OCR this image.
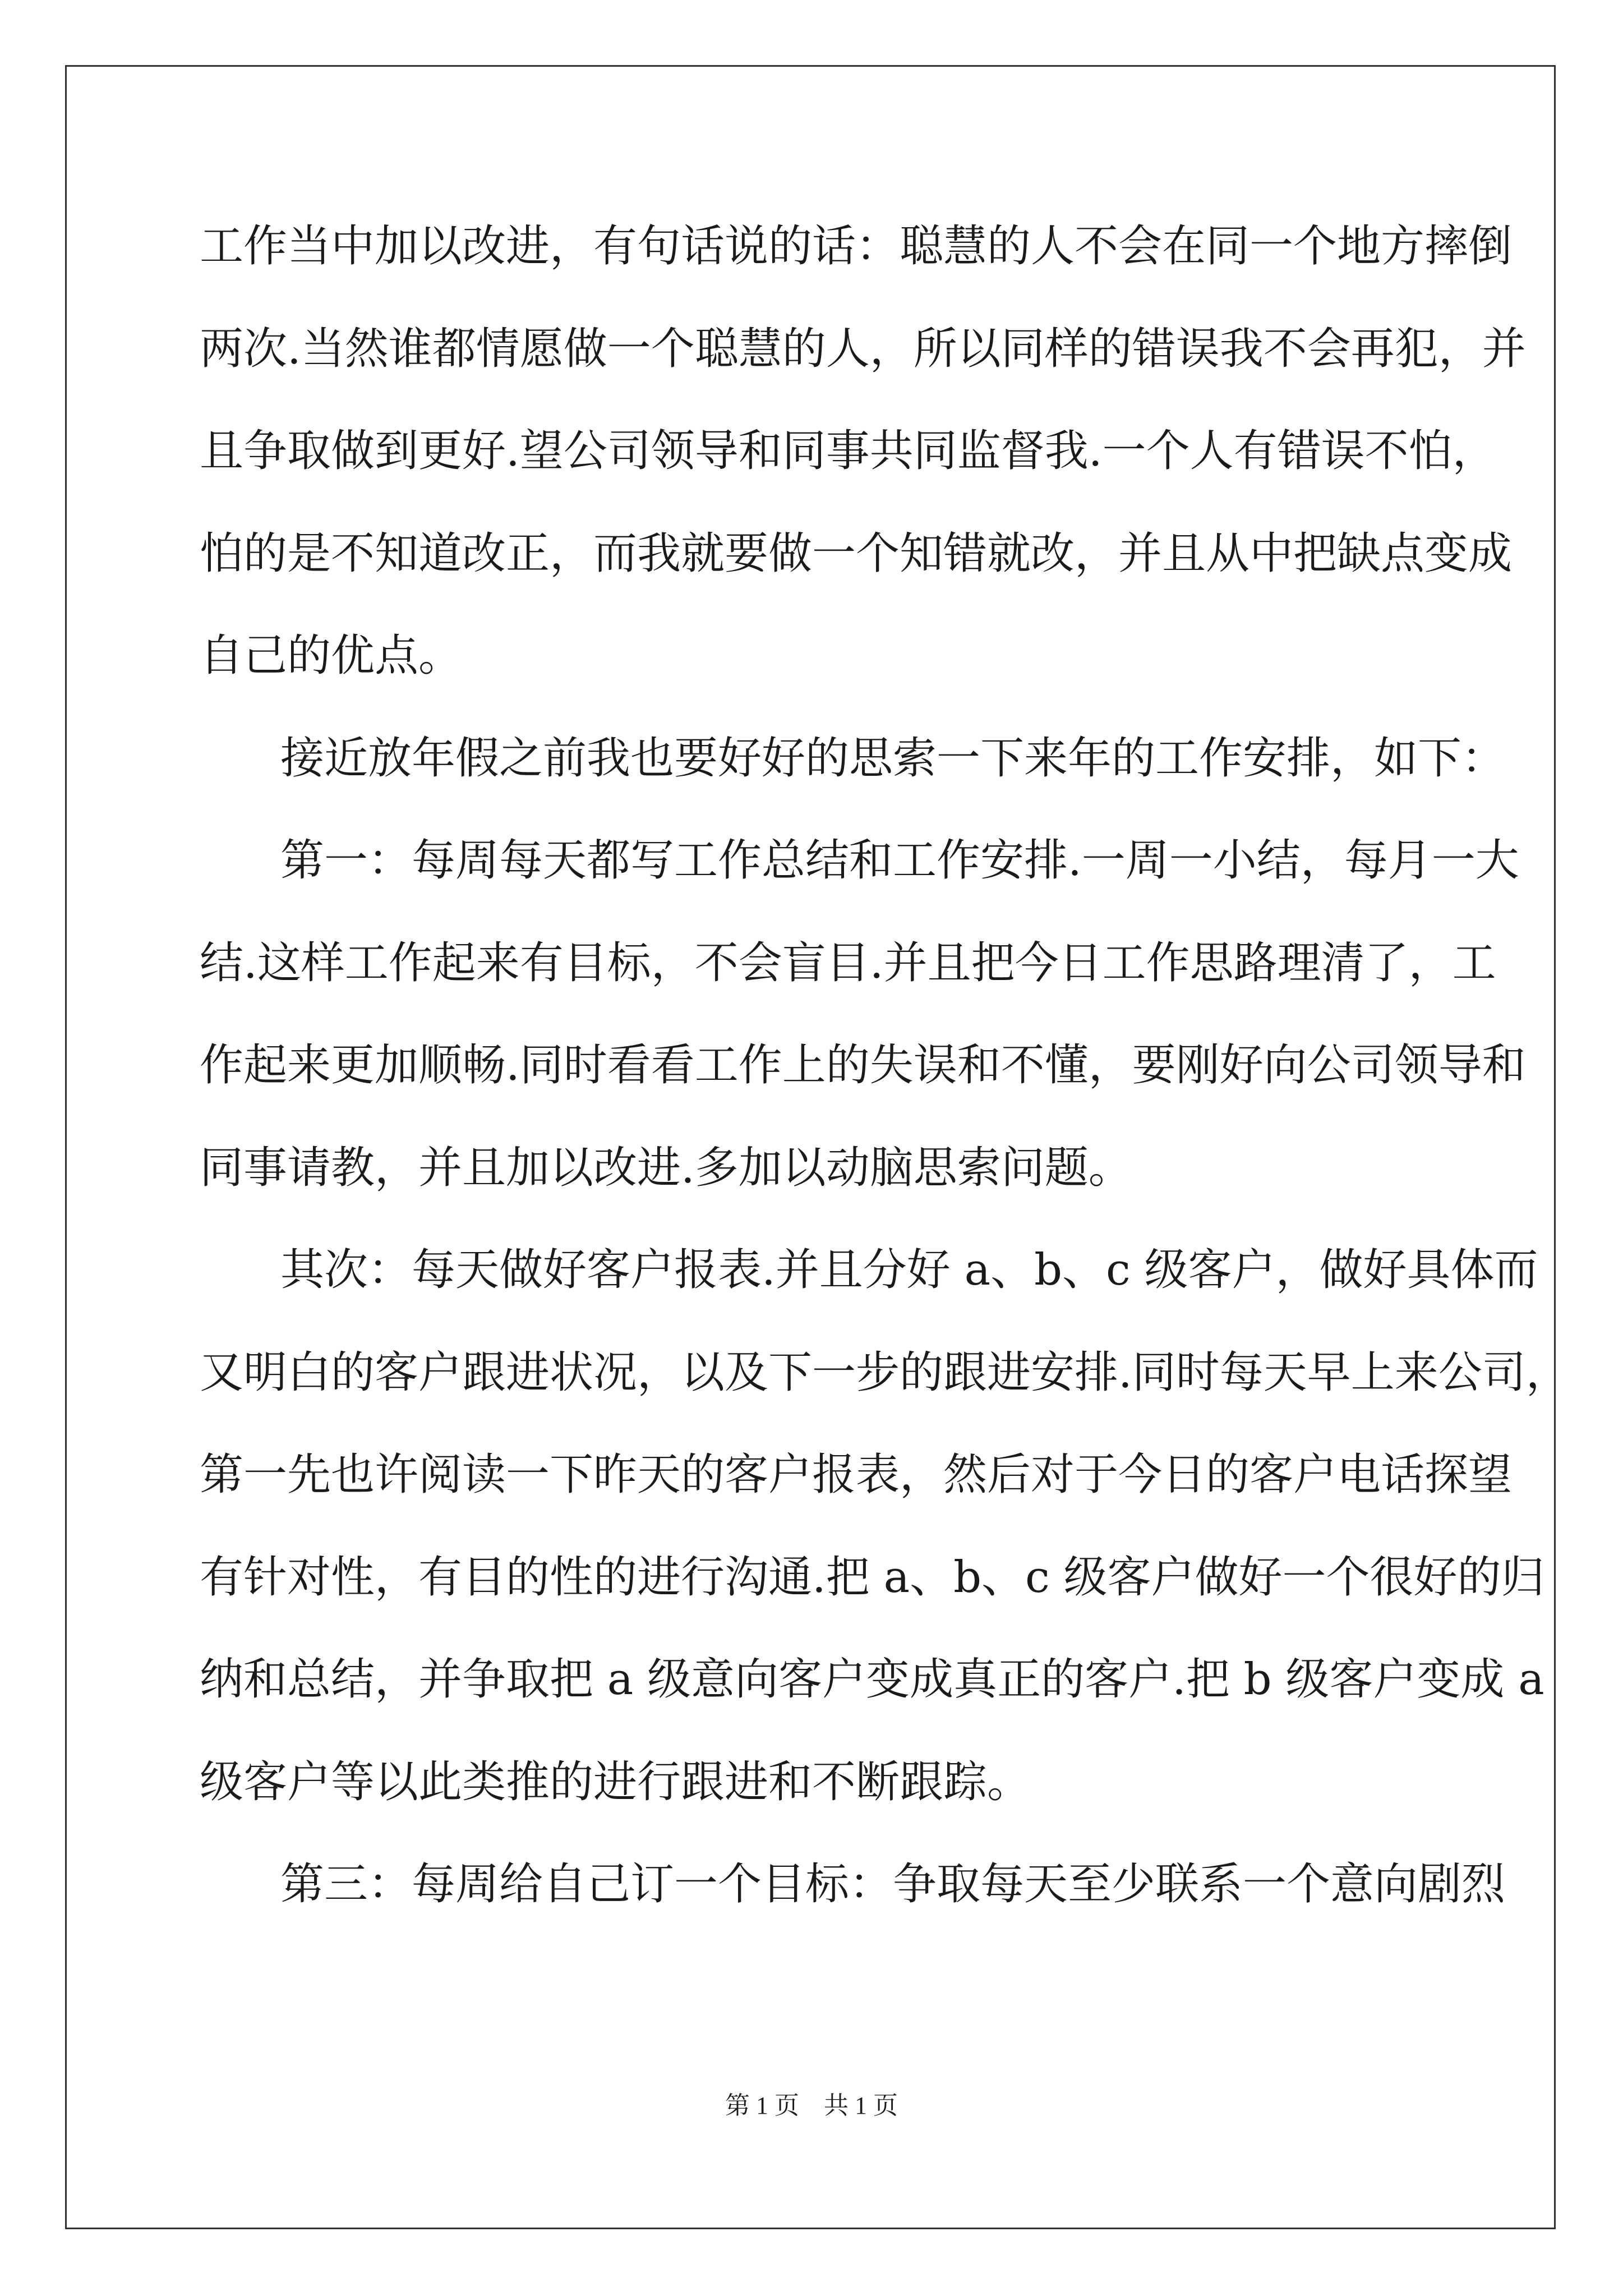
工作当中加以改进，有句话说的话：聪慧的人不会在同一个地方摔倒
两次.当然谁都情愿做一个聪慧的人，所以同样的错误我不会再犯，并
且争取做到更好.望公司领导和同事共同监督我.一个人有错误不怕，
怕的是不知道改正，而我就要做一个知错就改，并且从中把缺点变成
自己的优点。
接近放年假之前我也要好好的思索一下来年的工作安排，如下：
第一：每周每天都写工作总结和工作安排.一周一小结，每月一大
结.这样工作起来有目标，不会盲目.并且把今日工作思路理清了，工
作起来更加顺畅.同时看看工作上的失误和不懂，要刚好向公司领导和
同事请教，并且加以改进.多加以动脑思索问题。
其次：每天做好客户报表.并且分好 a、b、c 级客户，做好具体而
又明白的客户跟进状况，以及下一步的跟进安排.同时每天早上来公司，
第一先也许阅读一下昨天的客户报表，然后对于今日的客户电话探望
有针对性，有目的性的进行沟通.把 a、b、c 级客户做好一个很好的归
纳和总结，并争取把 a 级意向客户变成真正的客户.把 b 级客户变成 a
级客户等以此类推的进行跟进和不断跟踪。
第三：每周给自己订一个目标：争取每天至少联系一个意向剧烈
第 1 页　共 1 页
